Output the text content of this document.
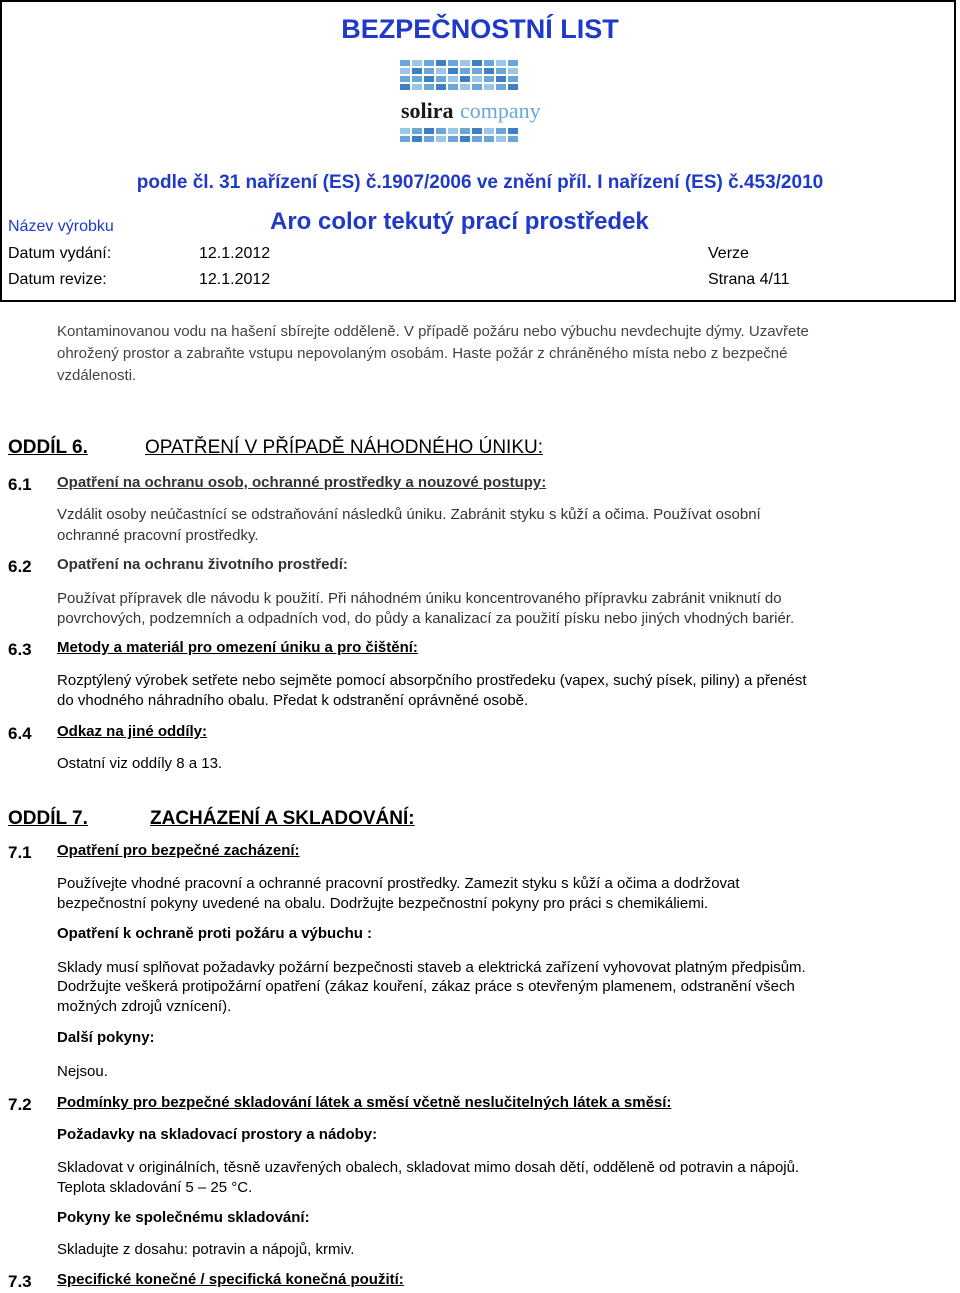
BEZPEČNOSTNÍ LIST
solira company
podle čl. 31 nařízení (ES) č.1907/2006 ve znění příl. I nařízení (ES) č.453/2010
Název výrobku	Aro color tekutý prací prostředek
Datum vydání:	12.1.2012	Verze
Datum revize:	12.1.2012	Strana 4/11
Kontaminovanou vodu na hašení sbírejte odděleně. V případě požáru nebo výbuchu nevdechujte dýmy. Uzavřete
ohrožený prostor a zabraňte vstupu nepovolaným osobám. Haste požár z chráněného místa nebo z bezpečné
vzdálenosti.
ODDÍL 6.	OPATŘENÍ V PŘÍPADĚ NÁHODNÉHO ÚNIKU:
6.1 Opatření na ochranu osob, ochranné prostředky a nouzové postupy:
Vzdálit osoby neúčastnící se odstraňování následků úniku. Zabránit styku s kůží a očima. Používat osobní
ochranné pracovní prostředky.
6.2 Opatření na ochranu životního prostředí:
Používat přípravek dle návodu k použití. Při náhodném úniku koncentrovaného přípravku zabránit vniknutí do
povrchových, podzemních a odpadních vod, do půdy a kanalizací za použití písku nebo jiných vhodných bariér.
6.3 Metody a materiál pro omezení úniku a pro čištění:
Rozptýlený výrobek setřete nebo sejměte pomocí absorpčního prostředeku (vapex, suchý písek, piliny) a přenést
do vhodného náhradního obalu. Předat k odstranění oprávněné osobě.
6.4 Odkaz na jiné oddíly:
Ostatní viz oddíly 8 a 13.
ODDÍL 7.	ZACHÁZENÍ A SKLADOVÁNÍ:
7.1 Opatření pro bezpečné zacházení:
Používejte vhodné pracovní a ochranné pracovní prostředky. Zamezit styku s kůží a očima a dodržovat
bezpečnostní pokyny uvedené na obalu. Dodržujte bezpečnostní pokyny pro práci s chemikáliemi.
Opatření k ochraně proti požáru a výbuchu :
Sklady musí splňovat požadavky požární bezpečnosti staveb a elektrická zařízení vyhovovat platným předpisům.
Dodržujte veškerá protipožární opatření (zákaz kouření, zákaz práce s otevřeným plamenem, odstranění všech
možných zdrojů vznícení).
Další pokyny:
Nejsou.
7.2 Podmínky pro bezpečné skladování látek a směsí včetně neslučitelných látek a směsí:
Požadavky na skladovací prostory a nádoby:
Skladovat v originálních, těsně uzavřených obalech, skladovat mimo dosah dětí, odděleně od potravin a nápojů.
Teplota skladování 5 – 25 °C.
Pokyny ke společnému skladování:
Skladujte z dosahu: potravin a nápojů, krmiv.
7.3 Specifické konečné / specifická konečná použití:
